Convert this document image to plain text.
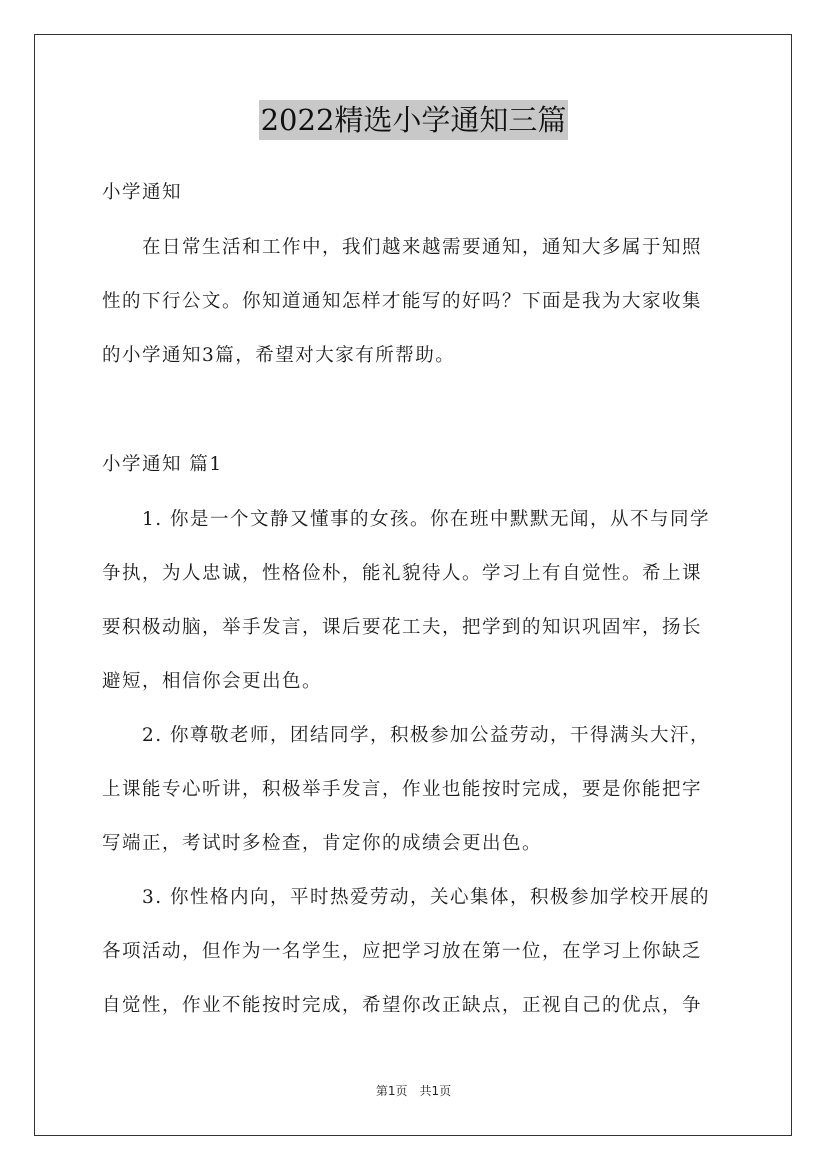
2022精选小学通知三篇
小学通知
　　在日常生活和工作中，我们越来越需要通知，通知大多属于知照
性的下行公文。你知道通知怎样才能写的好吗？下面是我为大家收集
的小学通知3篇，希望对大家有所帮助。
小学通知 篇1
　　1. 你是一个文静又懂事的女孩。你在班中默默无闻，从不与同学
争执，为人忠诚，性格俭朴，能礼貌待人。学习上有自觉性。希上课
要积极动脑，举手发言，课后要花工夫，把学到的知识巩固牢，扬长
避短，相信你会更出色。
　　2. 你尊敬老师，团结同学，积极参加公益劳动，干得满头大汗，
上课能专心听讲，积极举手发言，作业也能按时完成，要是你能把字
写端正，考试时多检查，肯定你的成绩会更出色。
　　3. 你性格内向，平时热爱劳动，关心集体，积极参加学校开展的
各项活动，但作为一名学生，应把学习放在第一位，在学习上你缺乏
自觉性，作业不能按时完成，希望你改正缺点，正视自己的优点，争
第1页　共1页
